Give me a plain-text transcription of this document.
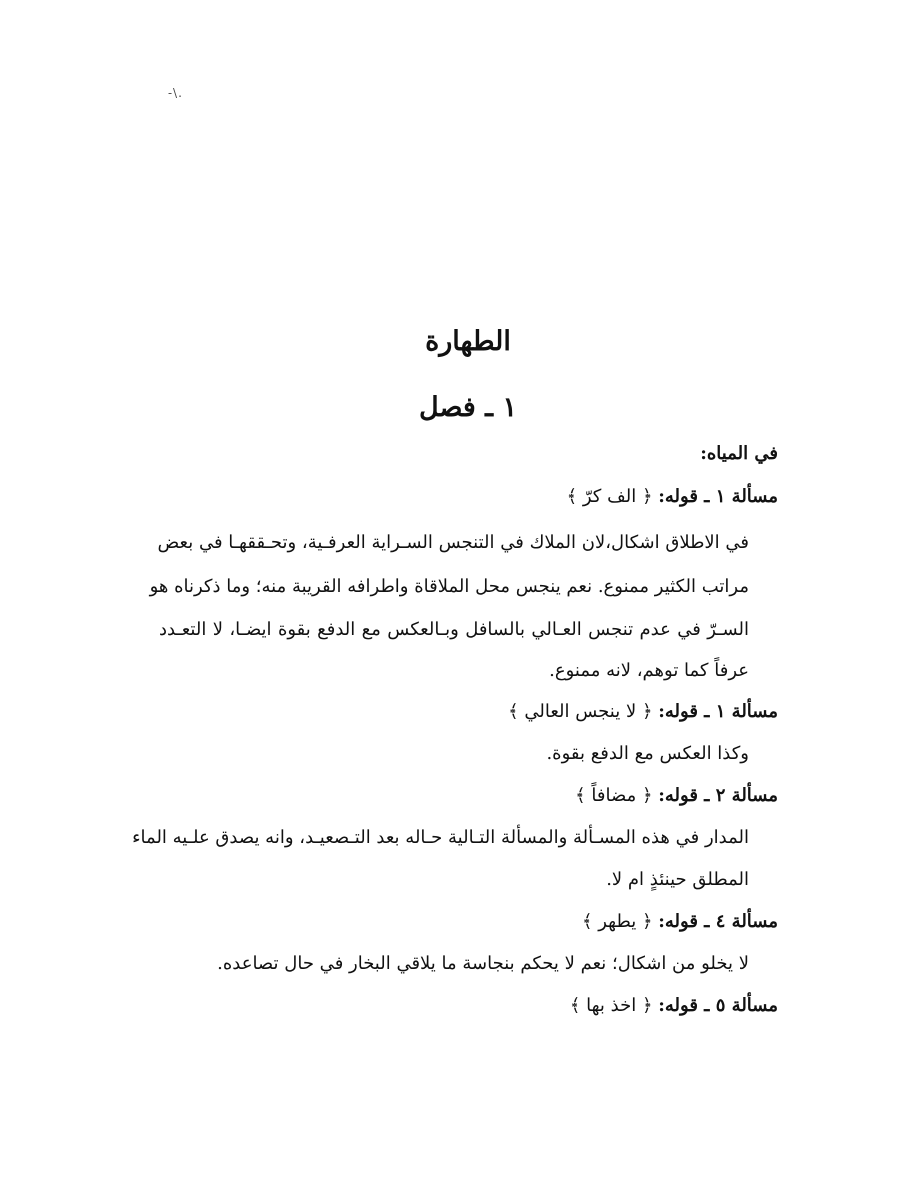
-\.
الطهارة
١ ـ فصل
في المياه:
مسألة ١ ـ قوله: ﴿ الف كرّ ﴾
في الاطلاق اشكال،لان الملاك في التنجس السـراية العرفـية، وتحـققهـا في بعض
مراتب الكثير ممنوع. نعم ينجس محل الملاقاة واطرافه القريبة منه؛ وما ذكرناه هو
السـرّ في عدم تنجس العـالي بالسافل وبـالعكس مع الدفع بقوة ايضـا، لا التعـدد
عرفاً كما توهم، لانه ممنوع.
مسألة ١ ـ قوله: ﴿ لا ينجس العالي ﴾
وكذا العكس مع الدفع بقوة.
مسألة ٢ ـ قوله: ﴿ مضافاً ﴾
المدار في هذه المسـألة والمسألة التـالية حـاله بعد التـصعيـد، وانه يصدق علـيه الماء
المطلق حينئذٍ ام لا.
مسألة ٤ ـ قوله: ﴿ يطهر ﴾
لا يخلو من اشكال؛ نعم لا يحكم بنجاسة ما يلاقي البخار في حال تصاعده.
مسألة ٥ ـ قوله: ﴿ اخذ بها ﴾
